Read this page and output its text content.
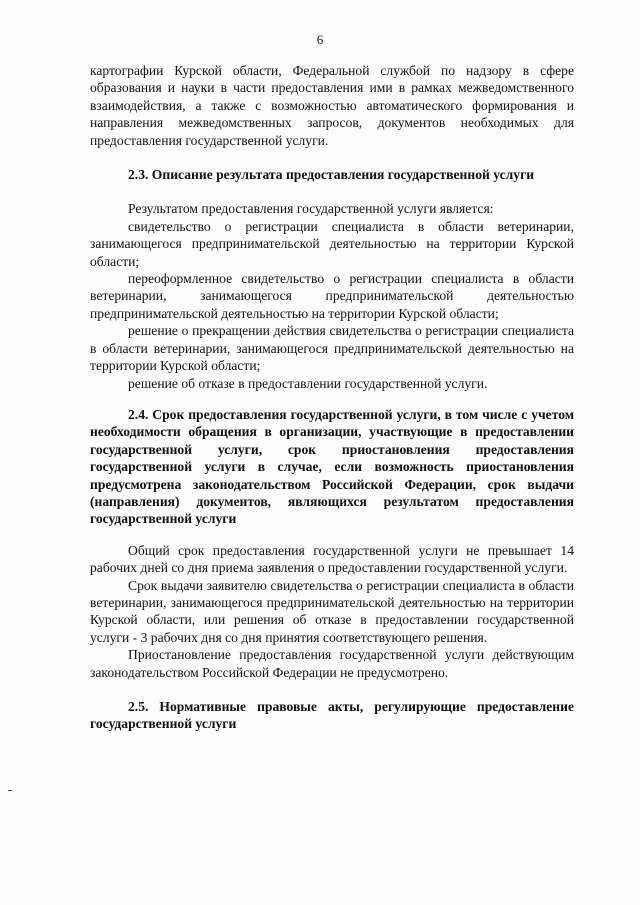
6

картографии Курской области, Федеральной службой по надзору в сфере образования и науки в части предоставления ими в рамках межведомственного взаимодействия, а также с возможностью автоматического формирования и направления межведомственных запросов, документов необходимых для предоставления государственной услуги.

2.3. Описание результата предоставления государственной услуги

Результатом предоставления государственной услуги является:

свидетельство о регистрации специалиста в области ветеринарии, занимающегося предпринимательской деятельностью на территории Курской области;

переоформленное свидетельство о регистрации специалиста в области ветеринарии, занимающегося предпринимательской деятельностью предпринимательской деятельностью на территории Курской области;

решение о прекращении действия свидетельства о регистрации специалиста в области ветеринарии, занимающегося предпринимательской деятельностью на территории Курской области;

решение об отказе в предоставлении государственной услуги.

2.4. Срок предоставления государственной услуги, в том числе с учетом необходимости обращения в организации, участвующие в предоставлении государственной услуги, срок приостановления предоставления государственной услуги в случае, если возможность приостановления предусмотрена законодательством Российской Федерации, срок выдачи (направления) документов, являющихся результатом предоставления государственной услуги

Общий срок предоставления государственной услуги не превышает 14 рабочих дней со дня приема заявления о предоставлении государственной услуги.

Срок выдачи заявителю свидетельства о регистрации специалиста в области ветеринарии, занимающегося предпринимательской деятельностью на территории Курской области, или решения об отказе в предоставлении государственной услуги - 3 рабочих дня со дня принятия соответствующего решения.

Приостановление предоставления государственной услуги действующим законодательством Российской Федерации не предусмотрено.

2.5. Нормативные правовые акты, регулирующие предоставление государственной услуги
